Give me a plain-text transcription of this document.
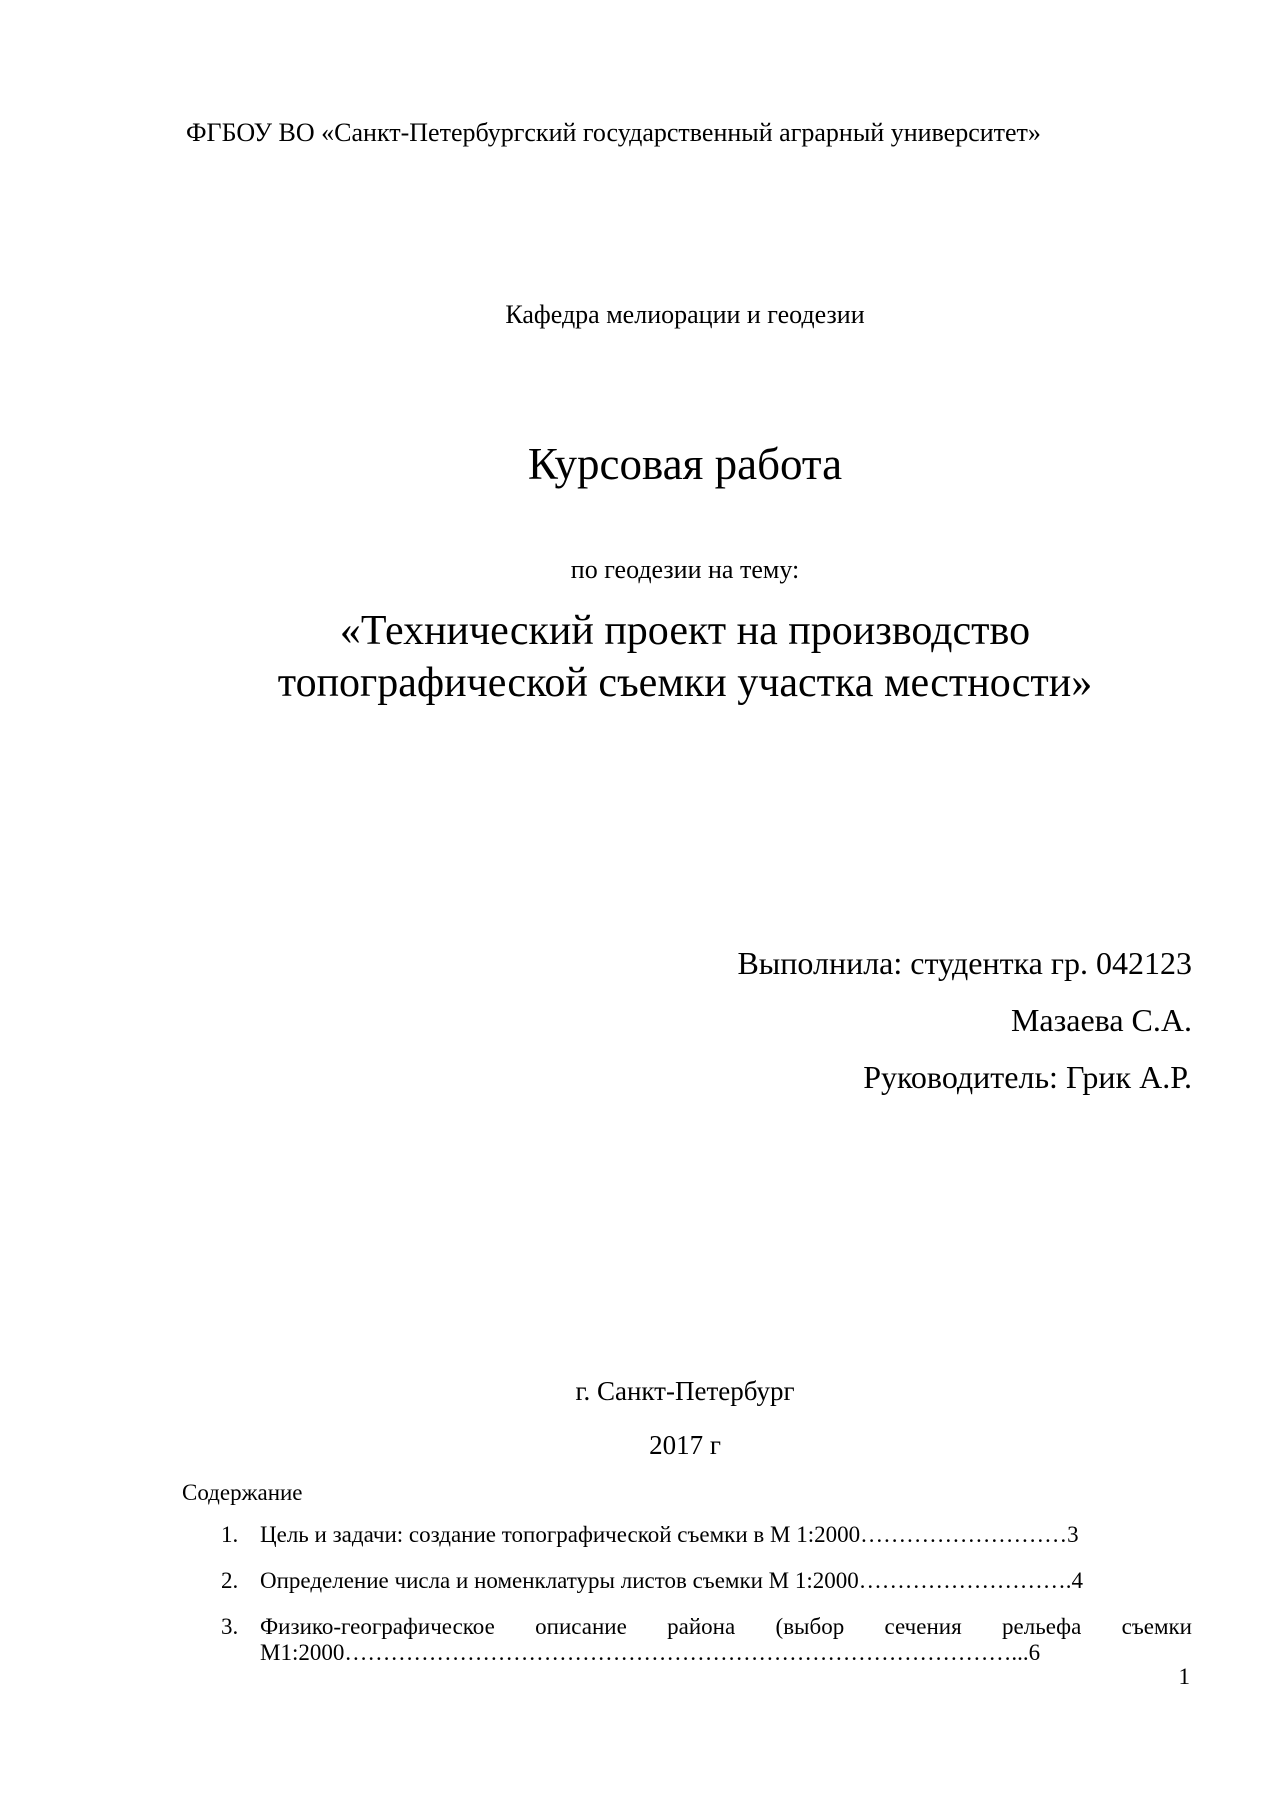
ФГБОУ ВО «Санкт-Петербургский государственный аграрный университет»
Кафедра мелиорации и геодезии
Курсовая работа
по геодезии на тему:
«Технический проект на производство
топографической съемки участка местности»
Выполнила: студентка гр. 042123
Мазаева С.А.
Руководитель: Грик А.Р.
г. Санкт-Петербург
2017 г
Содержание
1. Цель и задачи: создание топографической съемки в М 1:2000………………………3
2. Определение числа и номенклатуры листов съемки М 1:2000……………………….4
3. Физико-географическое описание района (выбор сечения рельефа съемки М1:2000……………………………………………………………………………...6
1
